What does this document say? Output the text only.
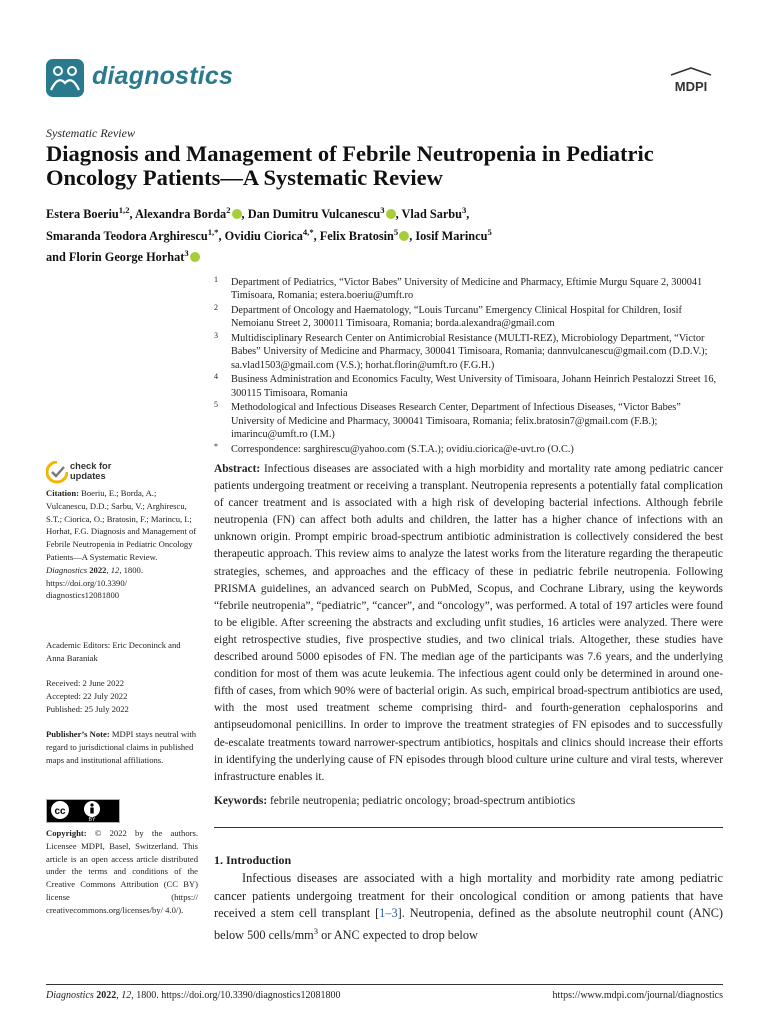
diagnostics	MDPI
Systematic Review
Diagnosis and Management of Febrile Neutropenia in Pediatric Oncology Patients—A Systematic Review
Estera Boeriu$^{1,2}$, Alexandra Borda$^2$ , Dan Dumitru Vulcanescu$^3$ , Vlad Sarbu$^3$,
Smaranda Teodora Arghirescu$^{1,*}$, Ovidiu Ciorica$^{4,*}$, Felix Bratosin$^5$ , Iosif Marincu$^5$
and Florin George Horhat$^3$
1 Department of Pediatrics, “Victor Babes” University of Medicine and Pharmacy, Eftimie Murgu Square 2, 300041 Timisoara, Romania; estera.boeriu@umft.ro
2 Department of Oncology and Haematology, “Louis Turcanu” Emergency Clinical Hospital for Children, Iosif Nemoianu Street 2, 300011 Timisoara, Romania; borda.alexandra@gmail.com
3 Multidisciplinary Research Center on Antimicrobial Resistance (MULTI-REZ), Microbiology Department, “Victor Babes” University of Medicine and Pharmacy, 300041 Timisoara, Romania; dannvulcanescu@gmail.com (D.D.V.); sa.vlad1503@gmail.com (V.S.); horhat.florin@umft.ro (F.G.H.)
4 Business Administration and Economics Faculty, West University of Timisoara, Johann Heinrich Pestalozzi Street 16, 300115 Timisoara, Romania
5 Methodological and Infectious Diseases Research Center, Department of Infectious Diseases, “Victor Babes” University of Medicine and Pharmacy, 300041 Timisoara, Romania; felix.bratosin7@gmail.com (F.B.); imarincu@umft.ro (I.M.)
* Correspondence: sarghirescu@yahoo.com (S.T.A.); ovidiu.ciorica@e-uvt.ro (O.C.)
check for
updates
Citation: Boeriu, E.; Borda, A.; Vulcanescu, D.D.; Sarbu, V.; Arghirescu, S.T.; Ciorica, O.; Bratosin, F.; Marincu, I.; Horhat, F.G. Diagnosis and Management of Febrile Neutropenia in Pediatric Oncology Patients—A Systematic Review. Diagnostics 2022, 12, 1800. https://doi.org/10.3390/ diagnostics12081800
Academic Editors: Eric Deconinck and Anna Baraniak
Received: 2 June 2022
Accepted: 22 July 2022
Published: 25 July 2022
Publisher’s Note: MDPI stays neutral with regard to jurisdictional claims in published maps and institutional affiliations.
cc
BY
Copyright: © 2022 by the authors. Licensee MDPI, Basel, Switzerland. This article is an open access article distributed under the terms and conditions of the Creative Commons Attribution (CC BY) license (https:// creativecommons.org/licenses/by/ 4.0/).
Abstract: Infectious diseases are associated with a high morbidity and mortality rate among pediatric cancer patients undergoing treatment or receiving a transplant. Neutropenia represents a potentially fatal complication of cancer treatment and is associated with a high risk of developing bacterial infections. Although febrile neutropenia (FN) can affect both adults and children, the latter has a higher chance of infections with an unknown origin. Prompt empiric broad-spectrum antibiotic administration is collectively considered the best therapeutic approach. This review aims to analyze the latest works from the literature regarding the therapeutic strategies, schemes, and approaches and the efficacy of these in pediatric febrile neutropenia. Following PRISMA guidelines, an advanced search on PubMed, Scopus, and Cochrane Library, using the keywords “febrile neutropenia”, “pediatric”, “cancer”, and “oncology”, was performed. A total of 197 articles were found to be eligible. After screening the abstracts and excluding unfit studies, 16 articles were analyzed. There were eight retrospective studies, five prospective studies, and two clinical trials. Altogether, these studies have described around 5000 episodes of FN. The median age of the participants was 7.6 years, and the underlying condition for most of them was acute leukemia. The infectious agent could only be determined in around one-fifth of cases, from which 90% were of bacterial origin. As such, empirical broad-spectrum antibiotics are used, with the most used treatment scheme comprising third- and fourth-generation cephalosporins and antipseudomonal penicillins. In order to improve the treatment strategies of FN episodes and to successfully de-escalate treatments toward narrower-spectrum antibiotics, hospitals and clinics should increase their efforts in identifying the underlying cause of FN episodes through blood culture urine culture and viral tests, wherever infrastructure enables it.
Keywords: febrile neutropenia; pediatric oncology; broad-spectrum antibiotics
1. Introduction
Infectious diseases are associated with a high mortality and morbidity rate among pediatric cancer patients undergoing treatment for their oncological condition or among patients that have received a stem cell transplant [1–3]. Neutropenia, defined as the absolute neutrophil count (ANC) below 500 cells/$mm^3$ or ANC expected to drop below
Diagnostics 2022, 12, 1800. https://doi.org/10.3390/diagnostics12081800	https://www.mdpi.com/journal/diagnostics
